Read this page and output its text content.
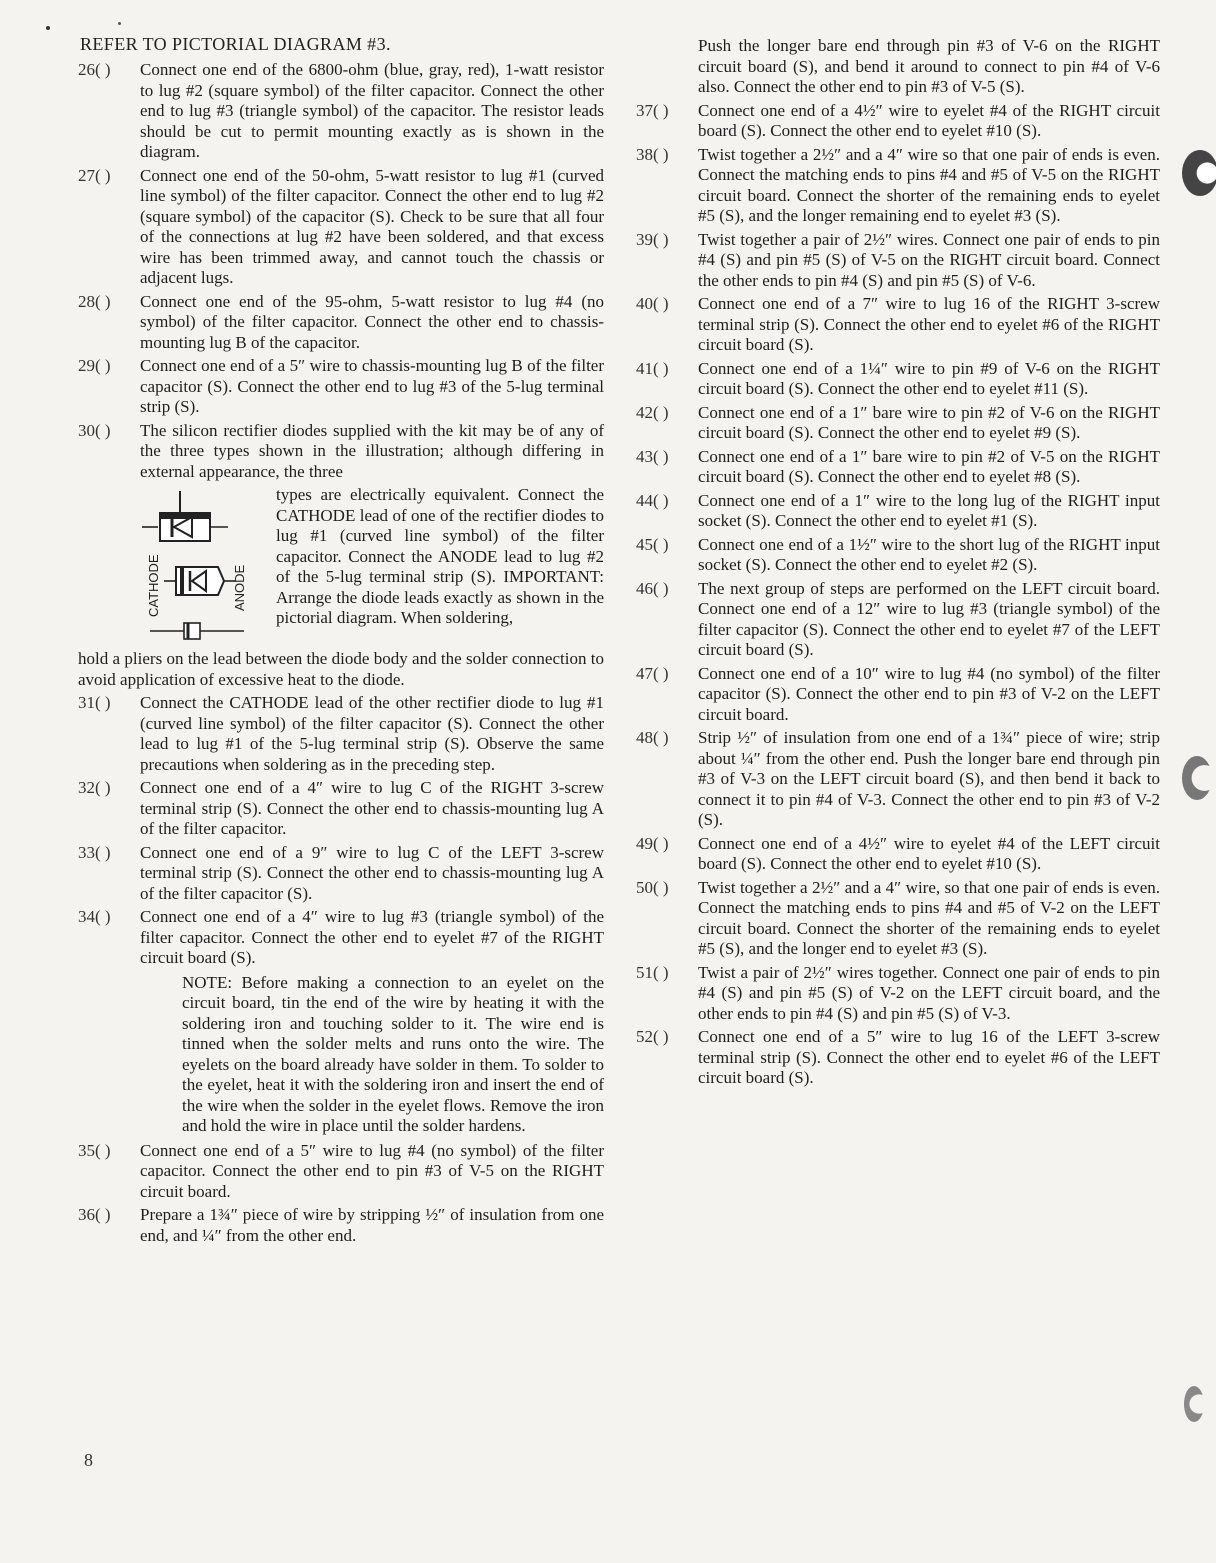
REFER TO PICTORIAL DIAGRAM #3.
26( )	Connect one end of the 6800-ohm (blue, gray, red), 1-watt resistor to lug #2 (square symbol) of the filter capacitor. Connect the other end to lug #3 (triangle symbol) of the capacitor. The resistor leads should be cut to permit mounting exactly as is shown in the diagram.
27( )	Connect one end of the 50-ohm, 5-watt resistor to lug #1 (curved line symbol) of the filter capacitor. Connect the other end to lug #2 (square symbol) of the capacitor (S). Check to be sure that all four of the connections at lug #2 have been soldered, and that excess wire has been trimmed away, and cannot touch the chassis or adjacent lugs.
28( )	Connect one end of the 95-ohm, 5-watt resistor to lug #4 (no symbol) of the filter capacitor. Connect the other end to chassis-mounting lug B of the capacitor.
29( )	Connect one end of a 5″ wire to chassis-mounting lug B of the filter capacitor (S). Connect the other end to lug #3 of the 5-lug terminal strip (S).
30( )	The silicon rectifier diodes supplied with the kit may be of any of the three types shown in the illustration; although differing in external appearance, the three
CATHODE	ANODE
types are electrically equivalent. Connect the CATHODE lead of one of the rectifier diodes to lug #1 (curved line symbol) of the filter capacitor. Connect the ANODE lead to lug #2 of the 5-lug terminal strip (S). IMPORTANT: Arrange the diode leads exactly as shown in the pictorial diagram. When soldering,
hold a pliers on the lead between the diode body and the solder connection to avoid application of excessive heat to the diode.
31( )	Connect the CATHODE lead of the other rectifier diode to lug #1 (curved line symbol) of the filter capacitor (S). Connect the other lead to lug #1 of the 5-lug terminal strip (S). Observe the same precautions when soldering as in the preceding step.
32( )	Connect one end of a 4″ wire to lug C of the RIGHT 3-screw terminal strip (S). Connect the other end to chassis-mounting lug A of the filter capacitor.
33( )	Connect one end of a 9″ wire to lug C of the LEFT 3-screw terminal strip (S). Connect the other end to chassis-mounting lug A of the filter capacitor (S).
34( )	Connect one end of a 4″ wire to lug #3 (triangle symbol) of the filter capacitor. Connect the other end to eyelet #7 of the RIGHT circuit board (S).
NOTE: Before making a connection to an eyelet on the circuit board, tin the end of the wire by heating it with the soldering iron and touching solder to it. The wire end is tinned when the solder melts and runs onto the wire. The eyelets on the board already have solder in them. To solder to the eyelet, heat it with the soldering iron and insert the end of the wire when the solder in the eyelet flows. Remove the iron and hold the wire in place until the solder hardens.
35( )	Connect one end of a 5″ wire to lug #4 (no symbol) of the filter capacitor. Connect the other end to pin #3 of V-5 on the RIGHT circuit board.
36( )	Prepare a 1¾″ piece of wire by stripping ½″ of insulation from one end, and ¼″ from the other end.
Push the longer bare end through pin #3 of V-6 on the RIGHT circuit board (S), and bend it around to connect to pin #4 of V-6 also. Connect the other end to pin #3 of V-5 (S).
37( )	Connect one end of a 4½″ wire to eyelet #4 of the RIGHT circuit board (S). Connect the other end to eyelet #10 (S).
38( )	Twist together a 2½″ and a 4″ wire so that one pair of ends is even. Connect the matching ends to pins #4 and #5 of V-5 on the RIGHT circuit board. Connect the shorter of the remaining ends to eyelet #5 (S), and the longer remaining end to eyelet #3 (S).
39( )	Twist together a pair of 2½″ wires. Connect one pair of ends to pin #4 (S) and pin #5 (S) of V-5 on the RIGHT circuit board. Connect the other ends to pin #4 (S) and pin #5 (S) of V-6.
40( )	Connect one end of a 7″ wire to lug 16 of the RIGHT 3-screw terminal strip (S). Connect the other end to eyelet #6 of the RIGHT circuit board (S).
41( )	Connect one end of a 1¼″ wire to pin #9 of V-6 on the RIGHT circuit board (S). Connect the other end to eyelet #11 (S).
42( )	Connect one end of a 1″ bare wire to pin #2 of V-6 on the RIGHT circuit board (S). Connect the other end to eyelet #9 (S).
43( )	Connect one end of a 1″ bare wire to pin #2 of V-5 on the RIGHT circuit board (S). Connect the other end to eyelet #8 (S).
44( )	Connect one end of a 1″ wire to the long lug of the RIGHT input socket (S). Connect the other end to eyelet #1 (S).
45( )	Connect one end of a 1½″ wire to the short lug of the RIGHT input socket (S). Connect the other end to eyelet #2 (S).
46( )	The next group of steps are performed on the LEFT circuit board. Connect one end of a 12″ wire to lug #3 (triangle symbol) of the filter capacitor (S). Connect the other end to eyelet #7 of the LEFT circuit board (S).
47( )	Connect one end of a 10″ wire to lug #4 (no symbol) of the filter capacitor (S). Connect the other end to pin #3 of V-2 on the LEFT circuit board.
48( )	Strip ½″ of insulation from one end of a 1¾″ piece of wire; strip about ¼″ from the other end. Push the longer bare end through pin #3 of V-3 on the LEFT circuit board (S), and then bend it back to connect it to pin #4 of V-3. Connect the other end to pin #3 of V-2 (S).
49( )	Connect one end of a 4½″ wire to eyelet #4 of the LEFT circuit board (S). Connect the other end to eyelet #10 (S).
50( )	Twist together a 2½″ and a 4″ wire, so that one pair of ends is even. Connect the matching ends to pins #4 and #5 of V-2 on the LEFT circuit board. Connect the shorter of the remaining ends to eyelet #5 (S), and the longer end to eyelet #3 (S).
51( )	Twist a pair of 2½″ wires together. Connect one pair of ends to pin #4 (S) and pin #5 (S) of V-2 on the LEFT circuit board, and the other ends to pin #4 (S) and pin #5 (S) of V-3.
52( )	Connect one end of a 5″ wire to lug 16 of the LEFT 3-screw terminal strip (S). Connect the other end to eyelet #6 of the LEFT circuit board (S).
8
